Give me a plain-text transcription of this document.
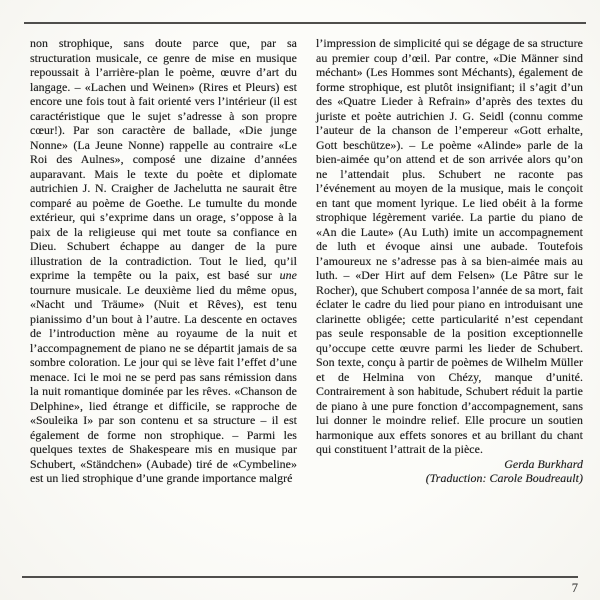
non strophique, sans doute parce que, par sa structuration musicale, ce genre de mise en musique repoussait à l’arrière-plan le poème, œuvre d’art du langage. – «Lachen und Weinen» (Rires et Pleurs) est encore une fois tout à fait orienté vers l’intérieur (il est caractéristique que le sujet s’adresse à son propre cœur!). Par son caractère de ballade, «Die junge Nonne» (La Jeune Nonne) rappelle au contraire «Le Roi des Aulnes», composé une dizaine d’années auparavant. Mais le texte du poète et diplomate autrichien J. N. Craigher de Jachelutta ne saurait être comparé au poème de Goethe. Le tumulte du monde extérieur, qui s’exprime dans un orage, s’oppose à la paix de la religieuse qui met toute sa confiance en Dieu. Schubert échappe au danger de la pure illustration de la contradiction. Tout le lied, qu’il exprime la tempête ou la paix, est basé sur une tournure musicale. Le deuxième lied du même opus, «Nacht und Träume» (Nuit et Rêves), est tenu pianissimo d’un bout à l’autre. La descente en octaves de l’introduction mène au royaume de la nuit et l’accompagnement de piano ne se départit jamais de sa sombre coloration. Le jour qui se lève fait l’effet d’une menace. Ici le moi ne se perd pas sans rémission dans la nuit romantique dominée par les rêves. «Chanson de Delphine», lied étrange et difficile, se rapproche de «Souleika I» par son contenu et sa structure – il est également de forme non strophique. – Parmi les quelques textes de Shakespeare mis en musique par Schubert, «Ständchen» (Aubade) tiré de «Cymbeline» est un lied strophique d’une grande importance malgré
l’impression de simplicité qui se dégage de sa structure au premier coup d’œil. Par contre, «Die Männer sind méchant» (Les Hommes sont Méchants), également de forme strophique, est plutôt insignifiant; il s’agit d’un des «Quatre Lieder à Refrain» d’après des textes du juriste et poète autrichien J. G. Seidl (connu comme l’auteur de la chanson de l’empereur «Gott erhalte, Gott beschütze»). – Le poème «Alinde» parle de la bien-aimée qu’on attend et de son arrivée alors qu’on ne l’attendait plus. Schubert ne raconte pas l’événement au moyen de la musique, mais le conçoit en tant que moment lyrique. Le lied obéit à la forme strophique légèrement variée. La partie du piano de «An die Laute» (Au Luth) imite un accompagnement de luth et évoque ainsi une aubade. Toutefois l’amoureux ne s’adresse pas à sa bien-aimée mais au luth. – «Der Hirt auf dem Felsen» (Le Pâtre sur le Rocher), que Schubert composa l’année de sa mort, fait éclater le cadre du lied pour piano en introduisant une clarinette obligée; cette particularité n’est cependant pas seule responsable de la position exceptionnelle qu’occupe cette œuvre parmi les lieder de Schubert. Son texte, conçu à partir de poèmes de Wilhelm Müller et de Helmina von Chézy, manque d’unité. Contrairement à son habitude, Schubert réduit la partie de piano à une pure fonction d’accompagnement, sans lui donner le moindre relief. Elle procure un soutien harmonique aux effets sonores et au brillant du chant qui constituent l’attrait de la pièce.
Gerda Burkhard
(Traduction: Carole Boudreault)
7
